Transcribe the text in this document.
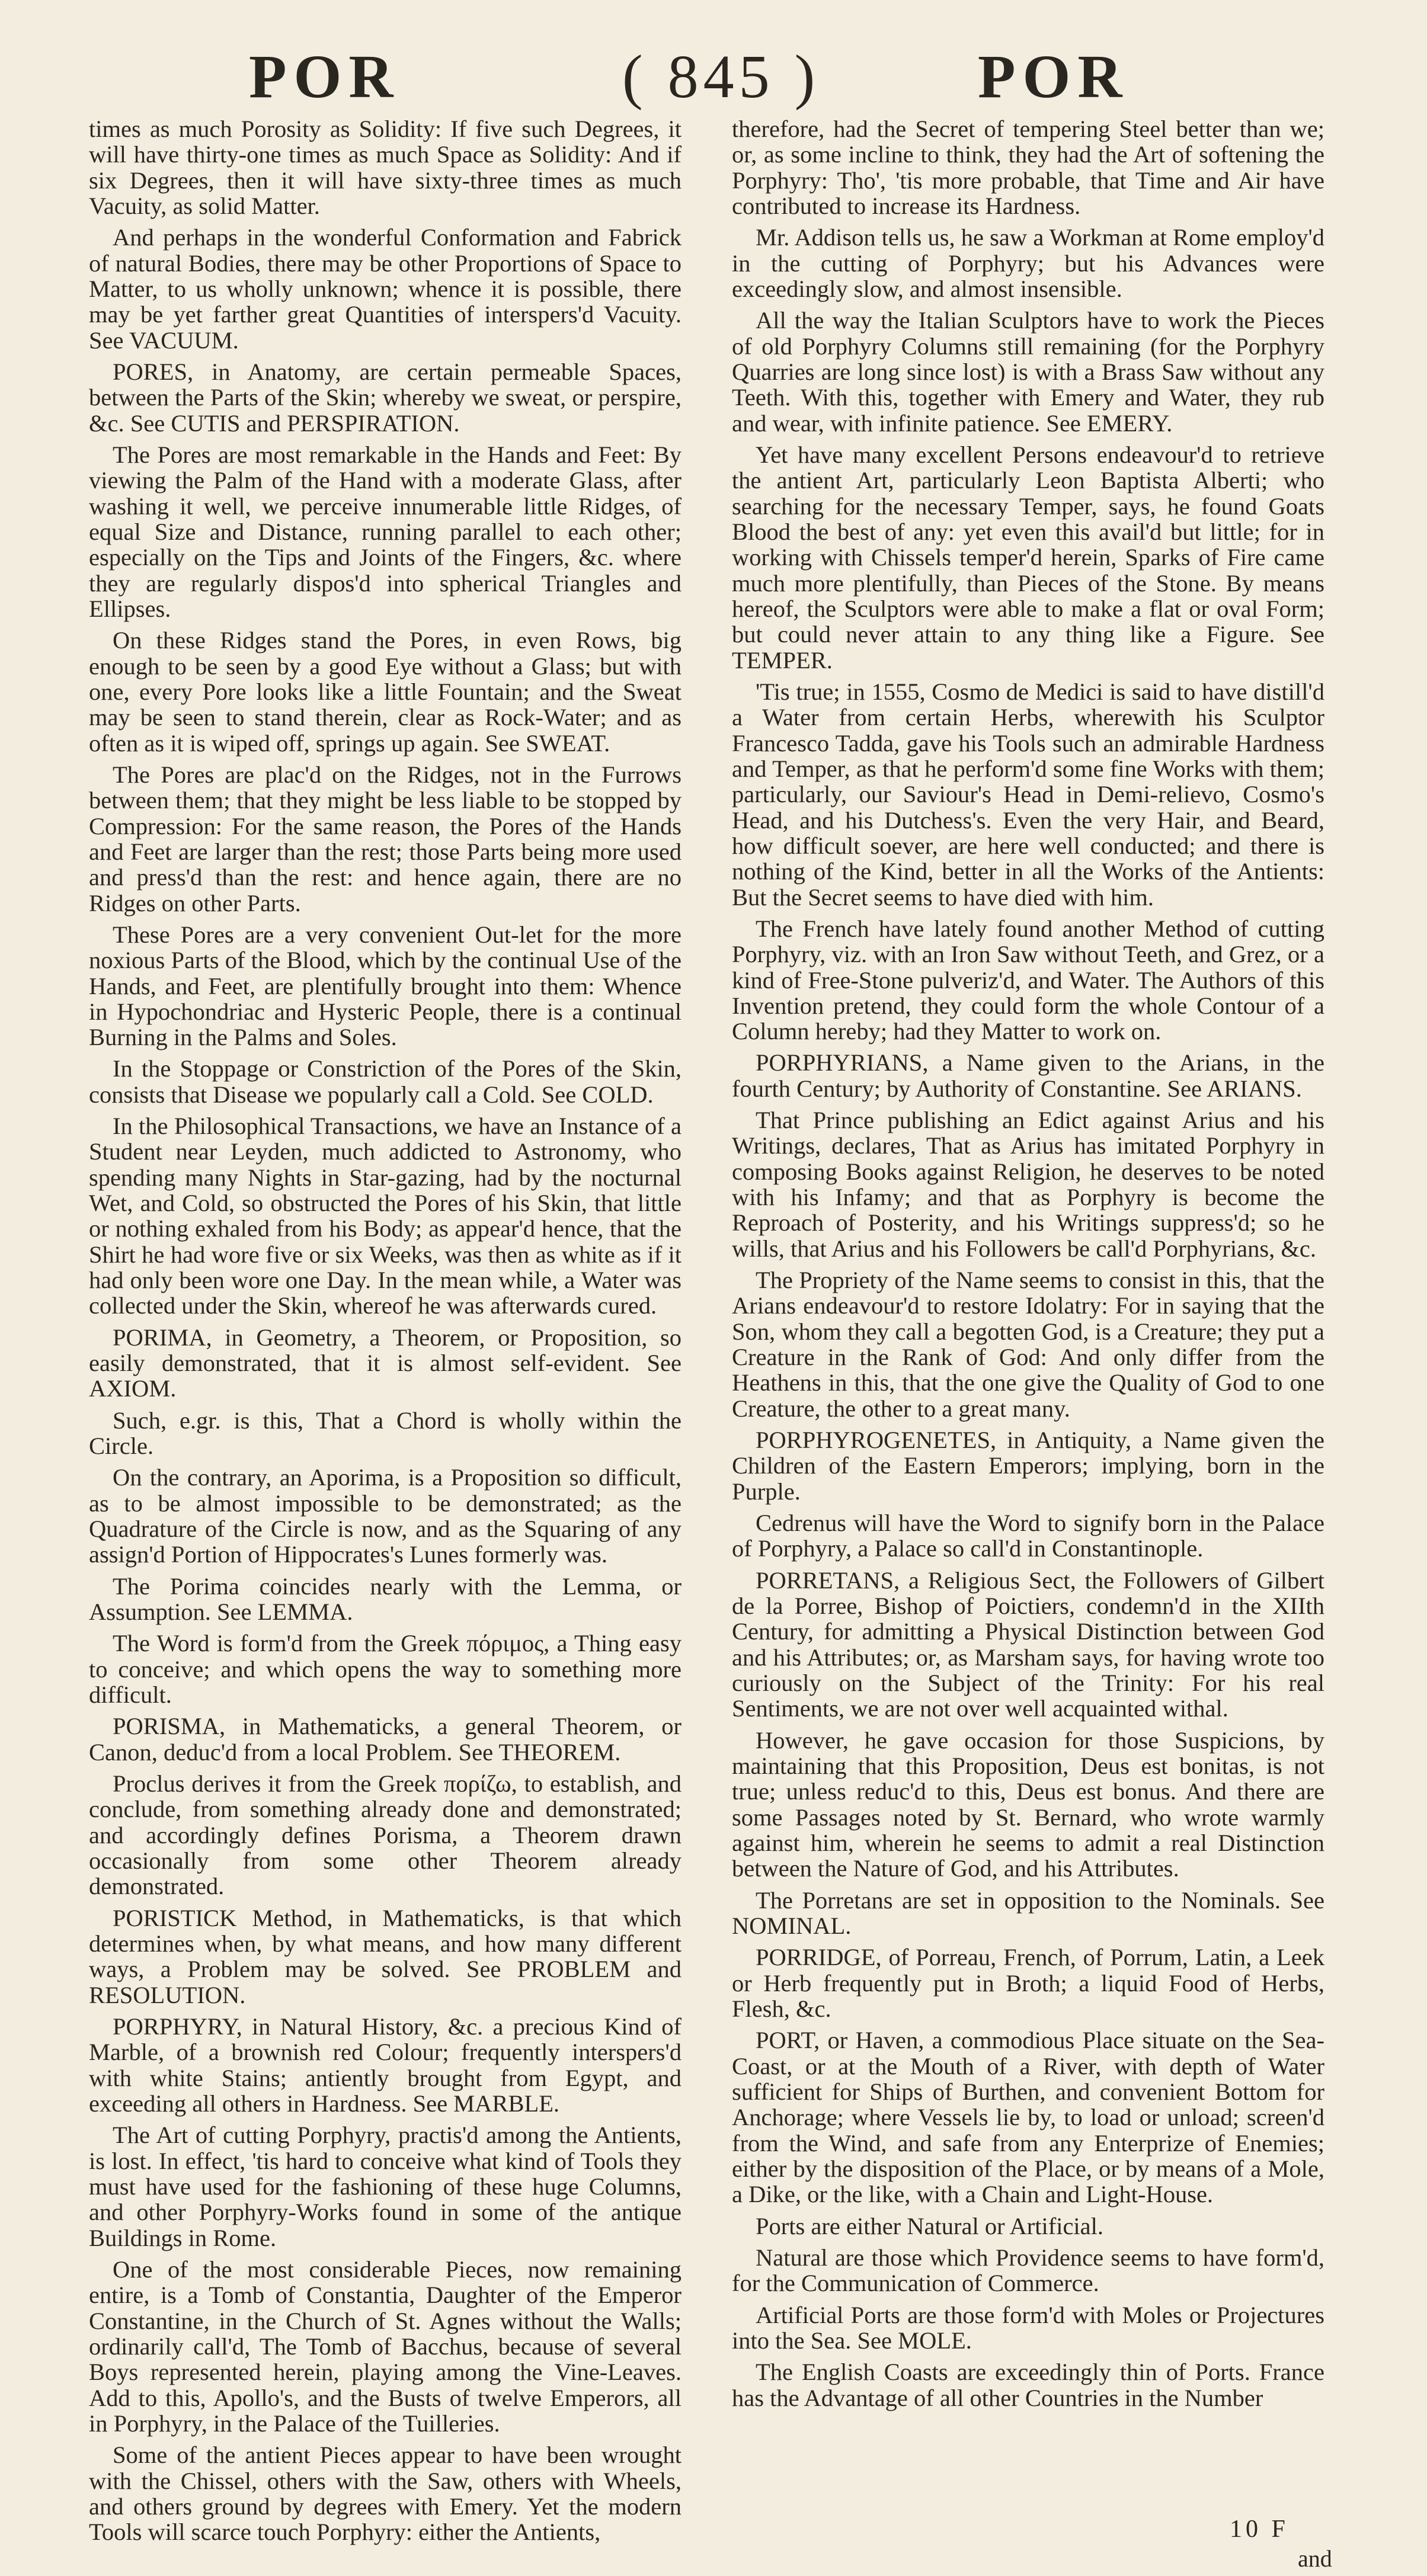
POR	( 845 )	POR

times as much Porosity as Solidity: If five such Degrees, it will have thirty-one times as much Space as Solidity: And if six Degrees, then it will have sixty-three times as much Vacuity, as solid Matter.

And perhaps in the wonderful Conformation and Fabrick of natural Bodies, there may be other Proportions of Space to Matter, to us wholly unknown; whence it is possible, there may be yet farther great Quantities of interspers'd Vacuity. See VACUUM.

PORES, in Anatomy, are certain permeable Spaces, between the Parts of the Skin; whereby we sweat, or perspire, &c. See CUTIS and PERSPIRATION.

The Pores are most remarkable in the Hands and Feet: By viewing the Palm of the Hand with a moderate Glass, after washing it well, we perceive innumerable little Ridges, of equal Size and Distance, running parallel to each other; especially on the Tips and Joints of the Fingers, &c. where they are regularly dispos'd into spherical Triangles and Ellipses.

On these Ridges stand the Pores, in even Rows, big enough to be seen by a good Eye without a Glass; but with one, every Pore looks like a little Fountain; and the Sweat may be seen to stand therein, clear as Rock-Water; and as often as it is wiped off, springs up again. See SWEAT.

The Pores are plac'd on the Ridges, not in the Furrows between them; that they might be less liable to be stopped by Compression: For the same reason, the Pores of the Hands and Feet are larger than the rest; those Parts being more used and press'd than the rest: and hence again, there are no Ridges on other Parts.

These Pores are a very convenient Out-let for the more noxious Parts of the Blood, which by the continual Use of the Hands, and Feet, are plentifully brought into them: Whence in Hypochondriac and Hysteric People, there is a continual Burning in the Palms and Soles.

In the Stoppage or Constriction of the Pores of the Skin, consists that Disease we popularly call a Cold. See COLD.

In the Philosophical Transactions, we have an Instance of a Student near Leyden, much addicted to Astronomy, who spending many Nights in Star-gazing, had by the nocturnal Wet, and Cold, so obstructed the Pores of his Skin, that little or nothing exhaled from his Body; as appear'd hence, that the Shirt he had wore five or six Weeks, was then as white as if it had only been wore one Day. In the mean while, a Water was collected under the Skin, whereof he was afterwards cured.

PORIMA, in Geometry, a Theorem, or Proposition, so easily demonstrated, that it is almost self-evident. See AXIOM.

Such, e.gr. is this, That a Chord is wholly within the Circle.

On the contrary, an Aporima, is a Proposition so difficult, as to be almost impossible to be demonstrated; as the Quadrature of the Circle is now, and as the Squaring of any assign'd Portion of Hippocrates's Lunes formerly was.

The Porima coincides nearly with the Lemma, or Assumption. See LEMMA.

The Word is form'd from the Greek πόριμος, a Thing easy to conceive; and which opens the way to something more difficult.

PORISMA, in Mathematicks, a general Theorem, or Canon, deduc'd from a local Problem. See THEOREM.

Proclus derives it from the Greek πορίζω, to establish, and conclude, from something already done and demonstrated; and accordingly defines Porisma, a Theorem drawn occasionally from some other Theorem already demonstrated.

PORISTICK Method, in Mathematicks, is that which determines when, by what means, and how many different ways, a Problem may be solved. See PROBLEM and RESOLUTION.

PORPHYRY, in Natural History, &c. a precious Kind of Marble, of a brownish red Colour; frequently interspers'd with white Stains; antiently brought from Egypt, and exceeding all others in Hardness. See MARBLE.

The Art of cutting Porphyry, practis'd among the Antients, is lost. In effect, 'tis hard to conceive what kind of Tools they must have used for the fashioning of these huge Columns, and other Porphyry-Works found in some of the antique Buildings in Rome.

One of the most considerable Pieces, now remaining entire, is a Tomb of Constantia, Daughter of the Emperor Constantine, in the Church of St. Agnes without the Walls; ordinarily call'd, The Tomb of Bacchus, because of several Boys represented herein, playing among the Vine-Leaves. Add to this, Apollo's, and the Busts of twelve Emperors, all in Porphyry, in the Palace of the Tuilleries.

Some of the antient Pieces appear to have been wrought with the Chissel, others with the Saw, others with Wheels, and others ground by degrees with Emery. Yet the modern Tools will scarce touch Porphyry: either the Antients,

therefore, had the Secret of tempering Steel better than we; or, as some incline to think, they had the Art of softening the Porphyry: Tho', 'tis more probable, that Time and Air have contributed to increase its Hardness.

Mr. Addison tells us, he saw a Workman at Rome employ'd in the cutting of Porphyry; but his Advances were exceedingly slow, and almost insensible.

All the way the Italian Sculptors have to work the Pieces of old Porphyry Columns still remaining (for the Porphyry Quarries are long since lost) is with a Brass Saw without any Teeth. With this, together with Emery and Water, they rub and wear, with infinite patience. See EMERY.

Yet have many excellent Persons endeavour'd to retrieve the antient Art, particularly Leon Baptista Alberti; who searching for the necessary Temper, says, he found Goats Blood the best of any: yet even this avail'd but little; for in working with Chissels temper'd herein, Sparks of Fire came much more plentifully, than Pieces of the Stone. By means hereof, the Sculptors were able to make a flat or oval Form; but could never attain to any thing like a Figure. See TEMPER.

'Tis true; in 1555, Cosmo de Medici is said to have distill'd a Water from certain Herbs, wherewith his Sculptor Francesco Tadda, gave his Tools such an admirable Hardness and Temper, as that he perform'd some fine Works with them; particularly, our Saviour's Head in Demi-relievo, Cosmo's Head, and his Dutchess's. Even the very Hair, and Beard, how difficult soever, are here well conducted; and there is nothing of the Kind, better in all the Works of the Antients: But the Secret seems to have died with him.

The French have lately found another Method of cutting Porphyry, viz. with an Iron Saw without Teeth, and Grez, or a kind of Free-Stone pulveriz'd, and Water. The Authors of this Invention pretend, they could form the whole Contour of a Column hereby; had they Matter to work on.

PORPHYRIANS, a Name given to the Arians, in the fourth Century; by Authority of Constantine. See ARIANS.

That Prince publishing an Edict against Arius and his Writings, declares, That as Arius has imitated Porphyry in composing Books against Religion, he deserves to be noted with his Infamy; and that as Porphyry is become the Reproach of Posterity, and his Writings suppress'd; so he wills, that Arius and his Followers be call'd Porphyrians, &c.

The Propriety of the Name seems to consist in this, that the Arians endeavour'd to restore Idolatry: For in saying that the Son, whom they call a begotten God, is a Creature; they put a Creature in the Rank of God: And only differ from the Heathens in this, that the one give the Quality of God to one Creature, the other to a great many.

PORPHYROGENETES, in Antiquity, a Name given the Children of the Eastern Emperors; implying, born in the Purple.

Cedrenus will have the Word to signify born in the Palace of Porphyry, a Palace so call'd in Constantinople.

PORRETANS, a Religious Sect, the Followers of Gilbert de la Porree, Bishop of Poictiers, condemn'd in the XIIth Century, for admitting a Physical Distinction between God and his Attributes; or, as Marsham says, for having wrote too curiously on the Subject of the Trinity: For his real Sentiments, we are not over well acquainted withal.

However, he gave occasion for those Suspicions, by maintaining that this Proposition, Deus est bonitas, is not true; unless reduc'd to this, Deus est bonus. And there are some Passages noted by St. Bernard, who wrote warmly against him, wherein he seems to admit a real Distinction between the Nature of God, and his Attributes.

The Porretans are set in opposition to the Nominals. See NOMINAL.

PORRIDGE, of Porreau, French, of Porrum, Latin, a Leek or Herb frequently put in Broth; a liquid Food of Herbs, Flesh, &c.

PORT, or Haven, a commodious Place situate on the Sea-Coast, or at the Mouth of a River, with depth of Water sufficient for Ships of Burthen, and convenient Bottom for Anchorage; where Vessels lie by, to load or unload; screen'd from the Wind, and safe from any Enterprize of Enemies; either by the disposition of the Place, or by means of a Mole, a Dike, or the like, with a Chain and Light-House.

Ports are either Natural or Artificial.

Natural are those which Providence seems to have form'd, for the Communication of Commerce.

Artificial Ports are those form'd with Moles or Projectures into the Sea. See MOLE.

The English Coasts are exceedingly thin of Ports. France has the Advantage of all other Countries in the Number

10 F
and
